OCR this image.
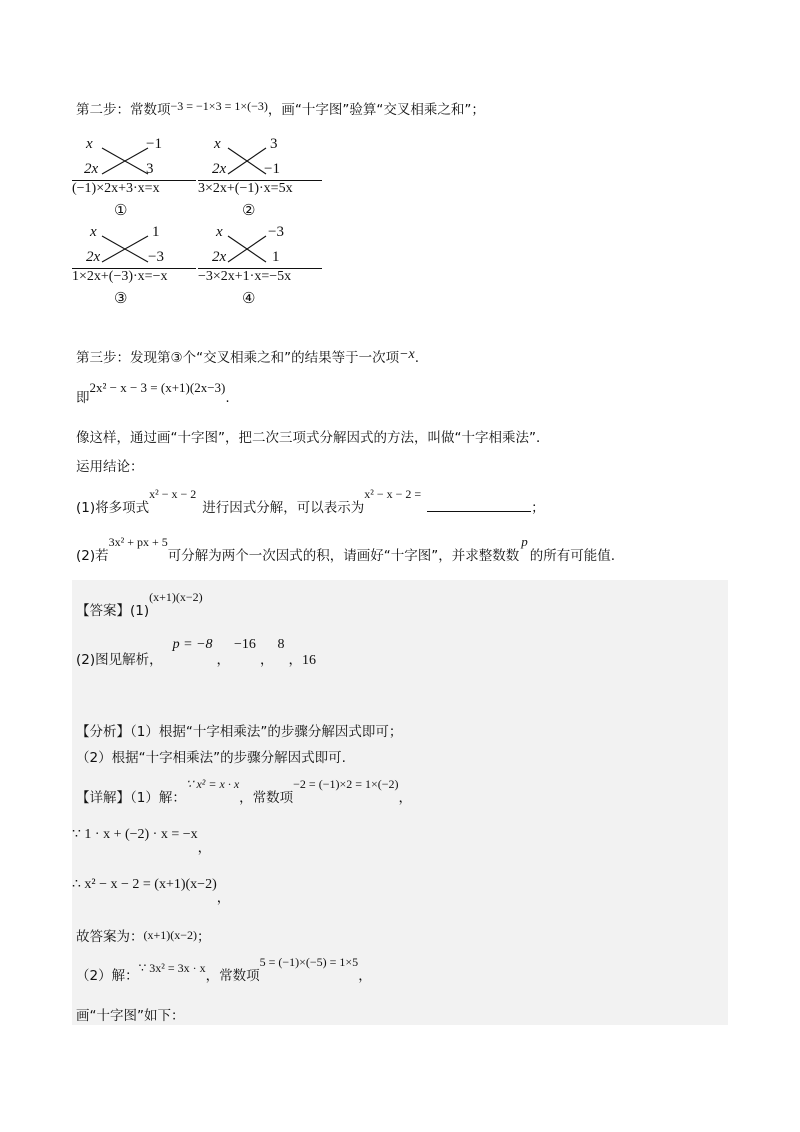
第二步：常数项−3 = −1×3 = 1×(−3)，画“十字图”验算“交叉相乘之和”；
x	−1
2x	3
(−1)×2x+3·x=x
①
x	3
2x	−1
3×2x+(−1)·x=5x
②
x	1
2x	−3
1×2x+(−3)·x=−x
③
x	−3
2x	1
−3×2x+1·x=−5x
④
第三步：发现第③个“交叉相乘之和”的结果等于一次项−x.
即2x² − x − 3 = (x+1)(2x−3).
像这样，通过画“十字图”，把二次三项式分解因式的方法，叫做“十字相乘法”．
运用结论：
(1)将多项式x² − x − 2进行因式分解，可以表示为x² − x − 2 =；
(2)若3x² + px + 5可分解为两个一次因式的积，请画好“十字图”，并求整数数p的所有可能值.
【答案】(1)(x+1)(x−2)
(2)图见解析，p = −8，−16，8，16
【分析】（1）根据“十字相乘法”的步骤分解因式即可；
（2）根据“十字相乘法”的步骤分解因式即可.
【详解】（1）解：∵ x² = x · x，常数项−2 = (−1)×2 = 1×(−2)，
∵ 1 · x + (−2) · x = −x，
∴ x² − x − 2 = (x+1)(x−2)，
故答案为：(x+1)(x−2)；
（2）解：∵ 3x² = 3x · x，常数项5 = (−1)×(−5) = 1×5，
画“十字图”如下：
